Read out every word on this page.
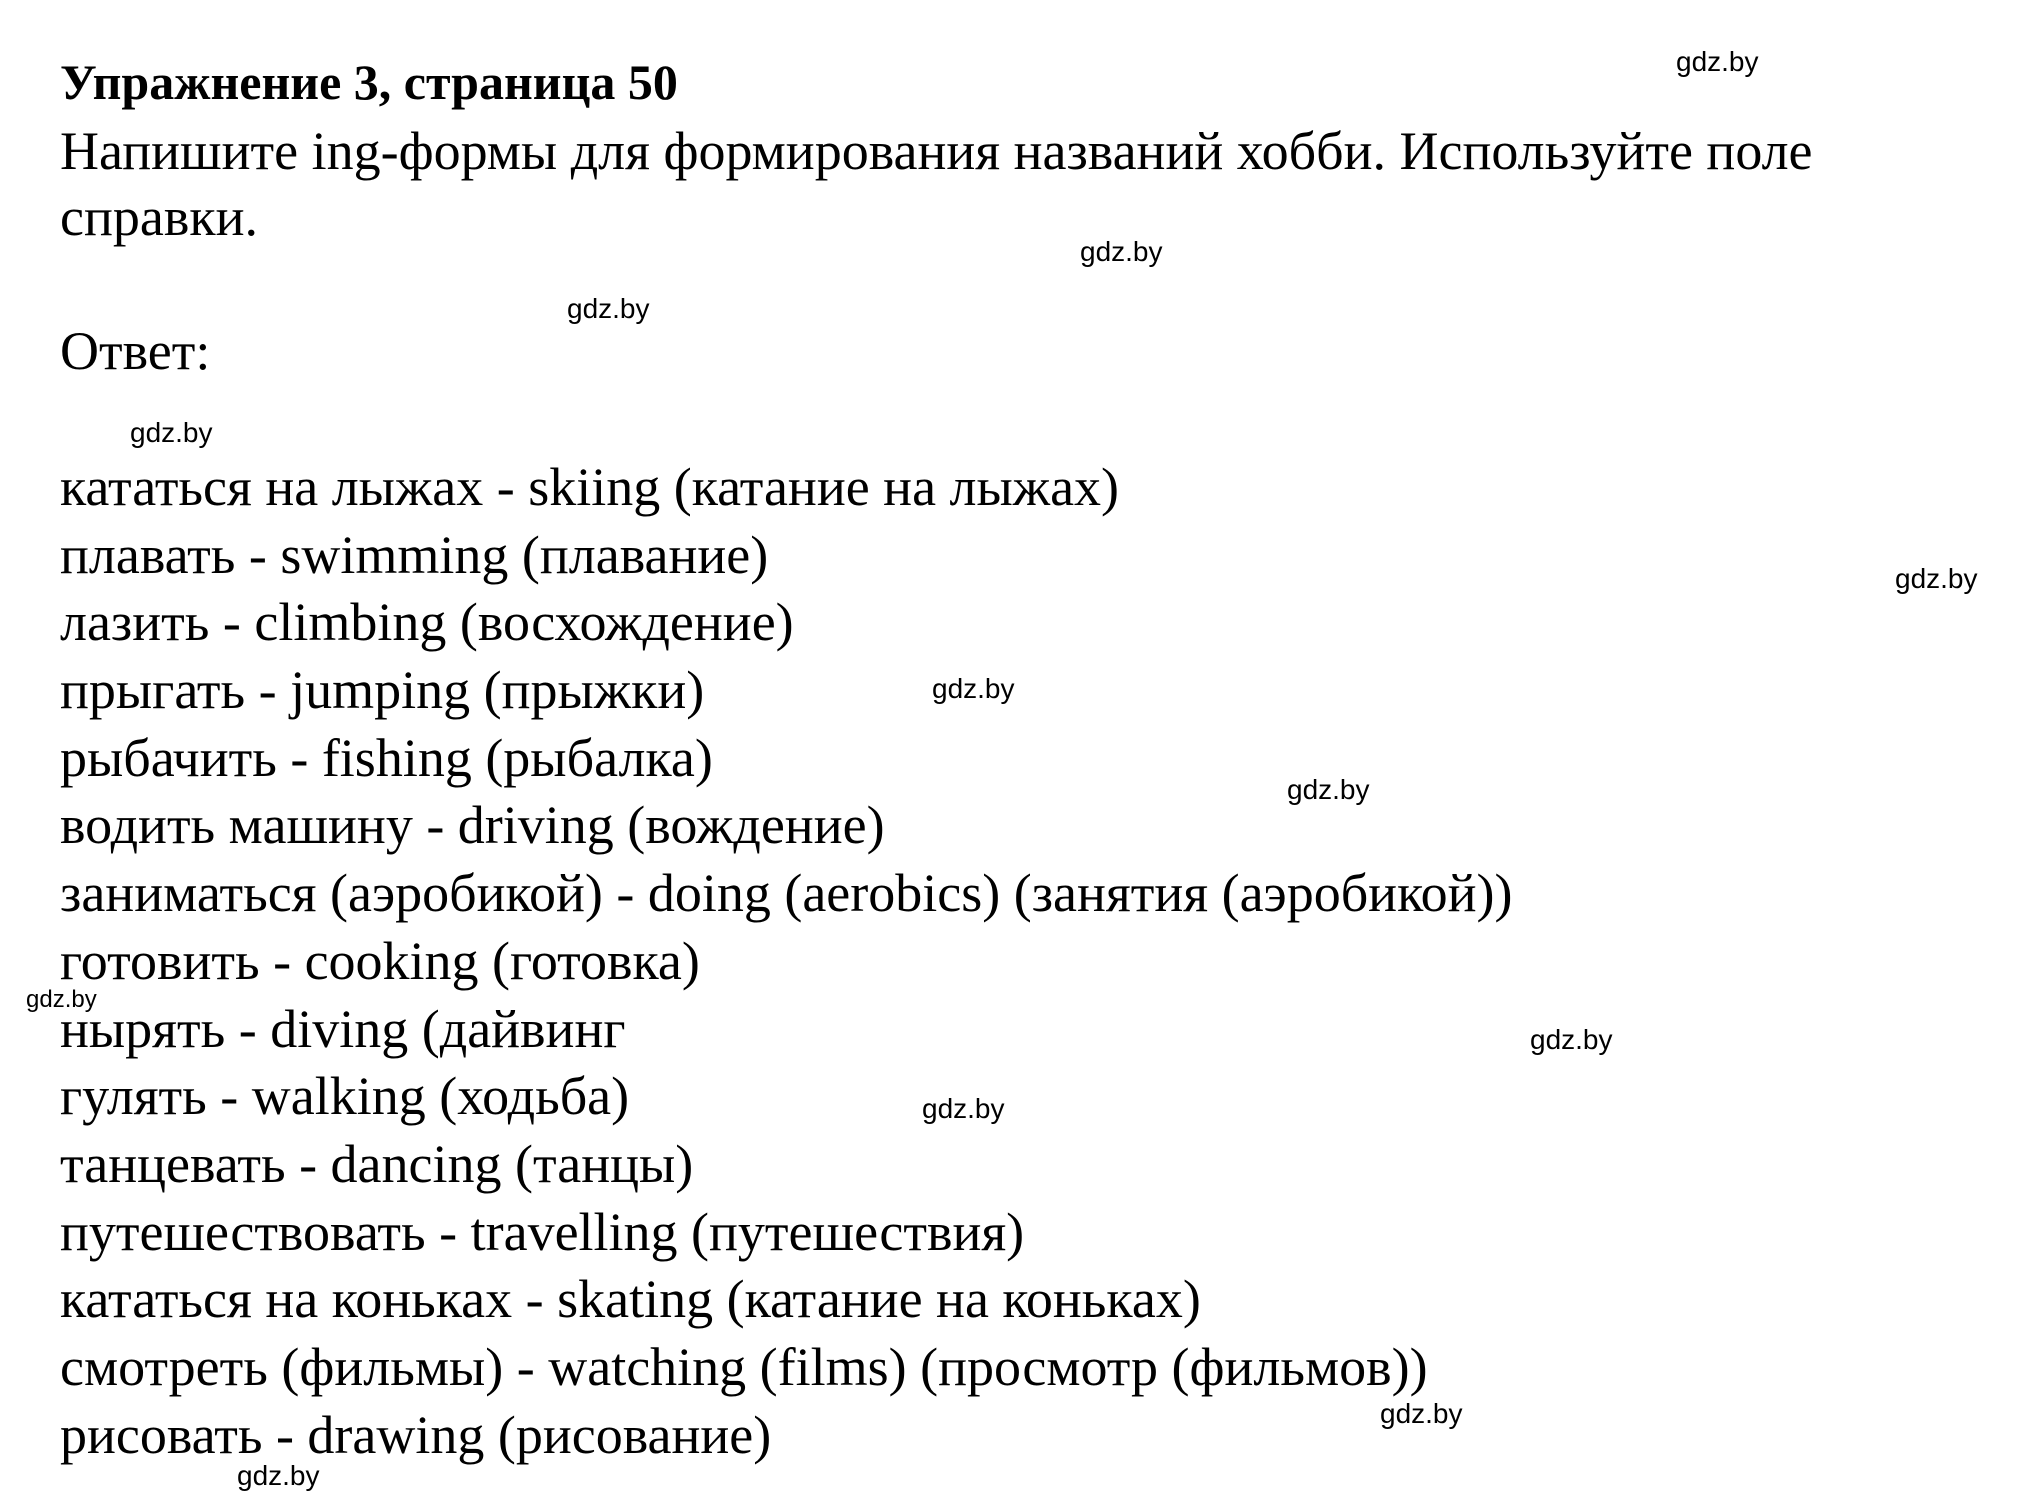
Упражнение 3, страница 50
Напишите ing-формы для формирования названий хобби. Используйте поле справки.
Ответ:
кататься на лыжах - skiing (катание на лыжах)
плавать - swimming (плавание)
лазить - climbing (восхождение)
прыгать - jumping (прыжки)
рыбачить - fishing (рыбалка)
водить машину - driving (вождение)
заниматься (аэробикой) - doing (aerobics) (занятия (аэробикой))
готовить - cooking (готовка)
нырять - diving (дайвинг
гулять - walking (ходьба)
танцевать - dancing (танцы)
путешествовать - travelling (путешествия)
кататься на коньках - skating (катание на коньках)
смотреть (фильмы) - watching (films) (просмотр (фильмов))
рисовать - drawing (рисование)
gdz.by
gdz.by
gdz.by
gdz.by
gdz.by
gdz.by
gdz.by
gdz.by
gdz.by
gdz.by
gdz.by
gdz.by
